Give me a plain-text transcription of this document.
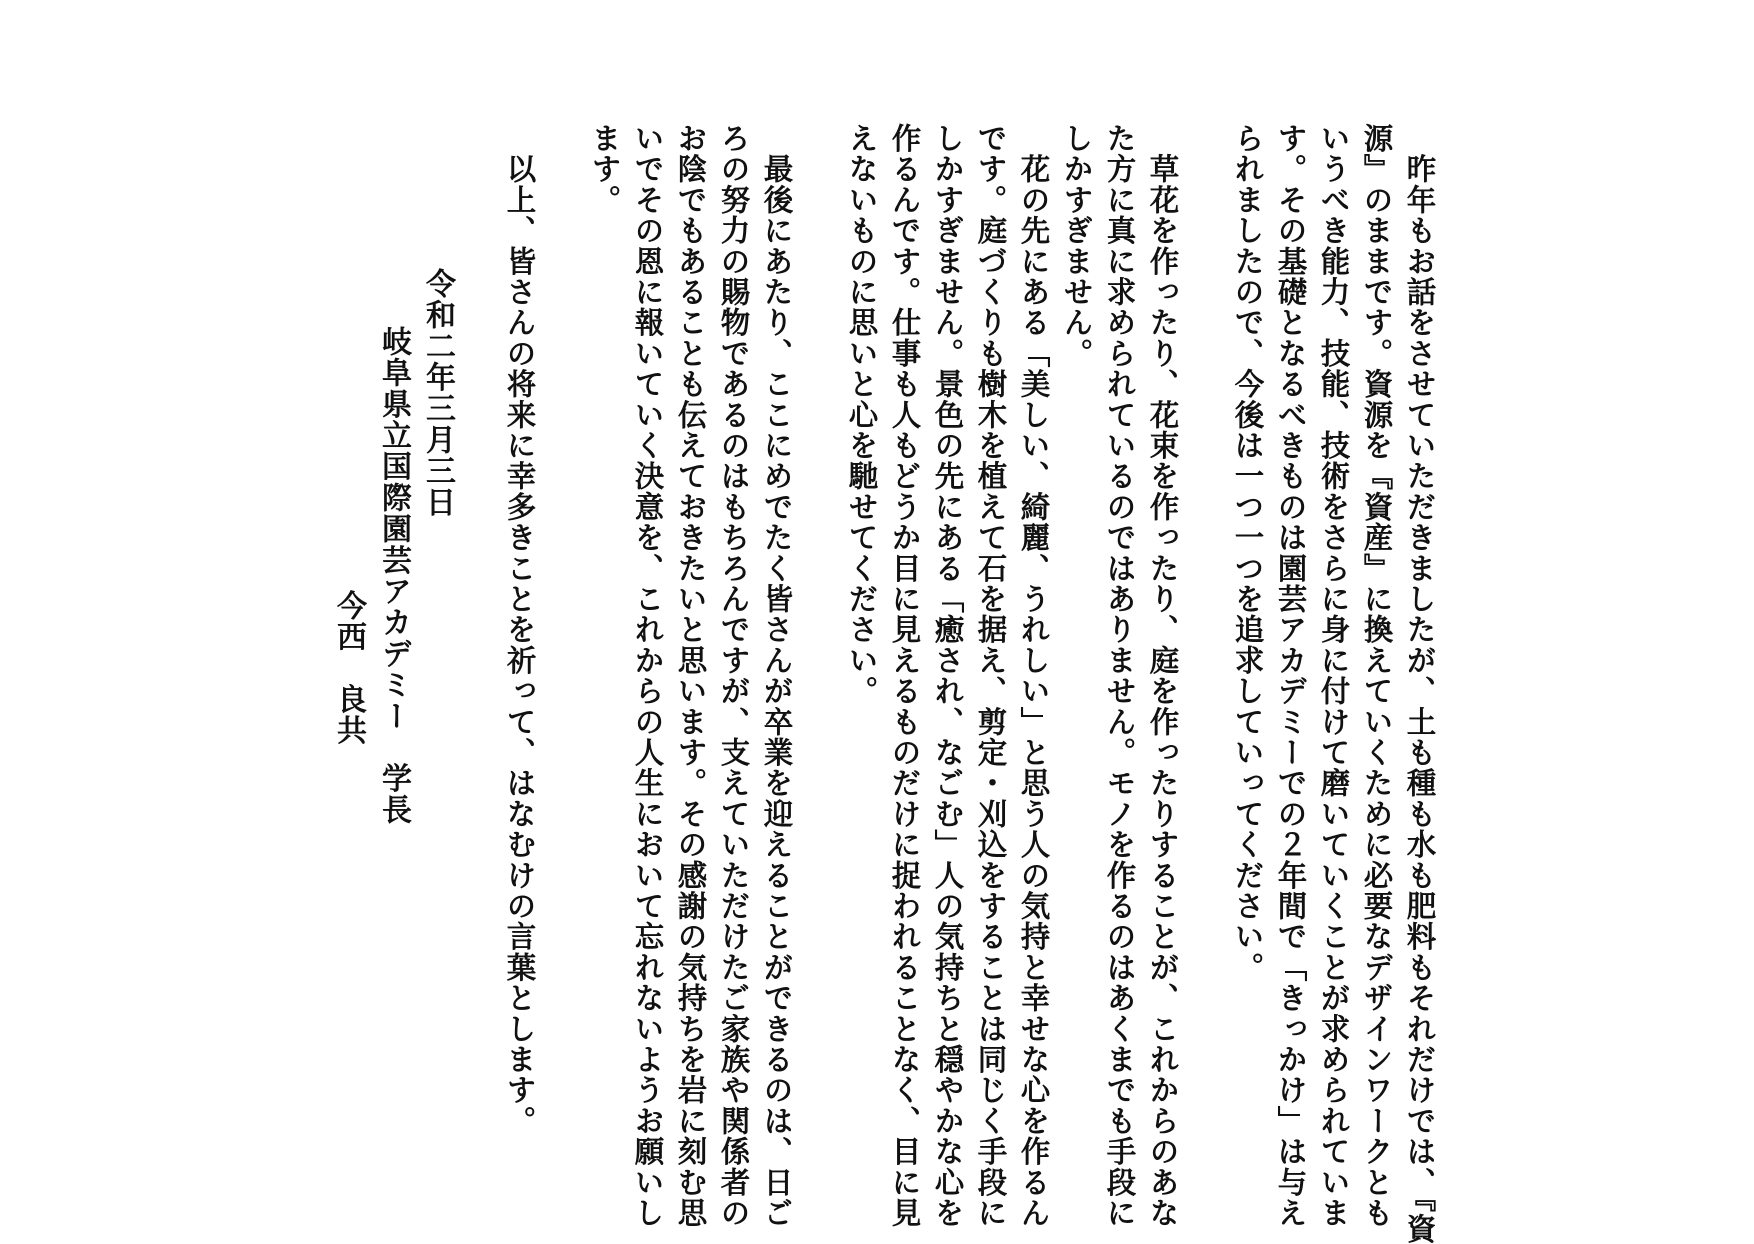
　昨年もお話をさせていただきましたが、土も種も水も肥料もそれだけでは、『資
源』のままです。資源を『資産』に換えていくために必要なデザインワークとも
いうべき能力、技能、技術をさらに身に付けて磨いていくことが求められていま
す。その基礎となるべきものは園芸アカデミーでの２年間で「きっかけ」は与え
られましたので、今後は一つ一つを追求していってください。
　草花を作ったり、花束を作ったり、庭を作ったりすることが、これからのあな
た方に真に求められているのではありません。モノを作るのはあくまでも手段に
しかすぎません。
　花の先にある「美しい、綺麗、うれしい」と思う人の気持と幸せな心を作るん
です。庭づくりも樹木を植えて石を据え、剪定・刈込をすることは同じく手段に
しかすぎません。景色の先にある「癒され、なごむ」人の気持ちと穏やかな心を
作るんです。仕事も人もどうか目に見えるものだけに捉われることなく、目に見
えないものに思いと心を馳せてください。
　最後にあたり、ここにめでたく皆さんが卒業を迎えることができるのは、日ご
ろの努力の賜物であるのはもちろんですが、支えていただけたご家族や関係者の
お陰でもあることも伝えておきたいと思います。その感謝の気持ちを岩に刻む思
いでその恩に報いていく決意を、これからの人生において忘れないようお願いし
ます。
　以上、皆さんの将来に幸多きことを祈って、はなむけの言葉とします。
令和二年三月三日
岐阜県立国際園芸アカデミー　学長
今西　良共
